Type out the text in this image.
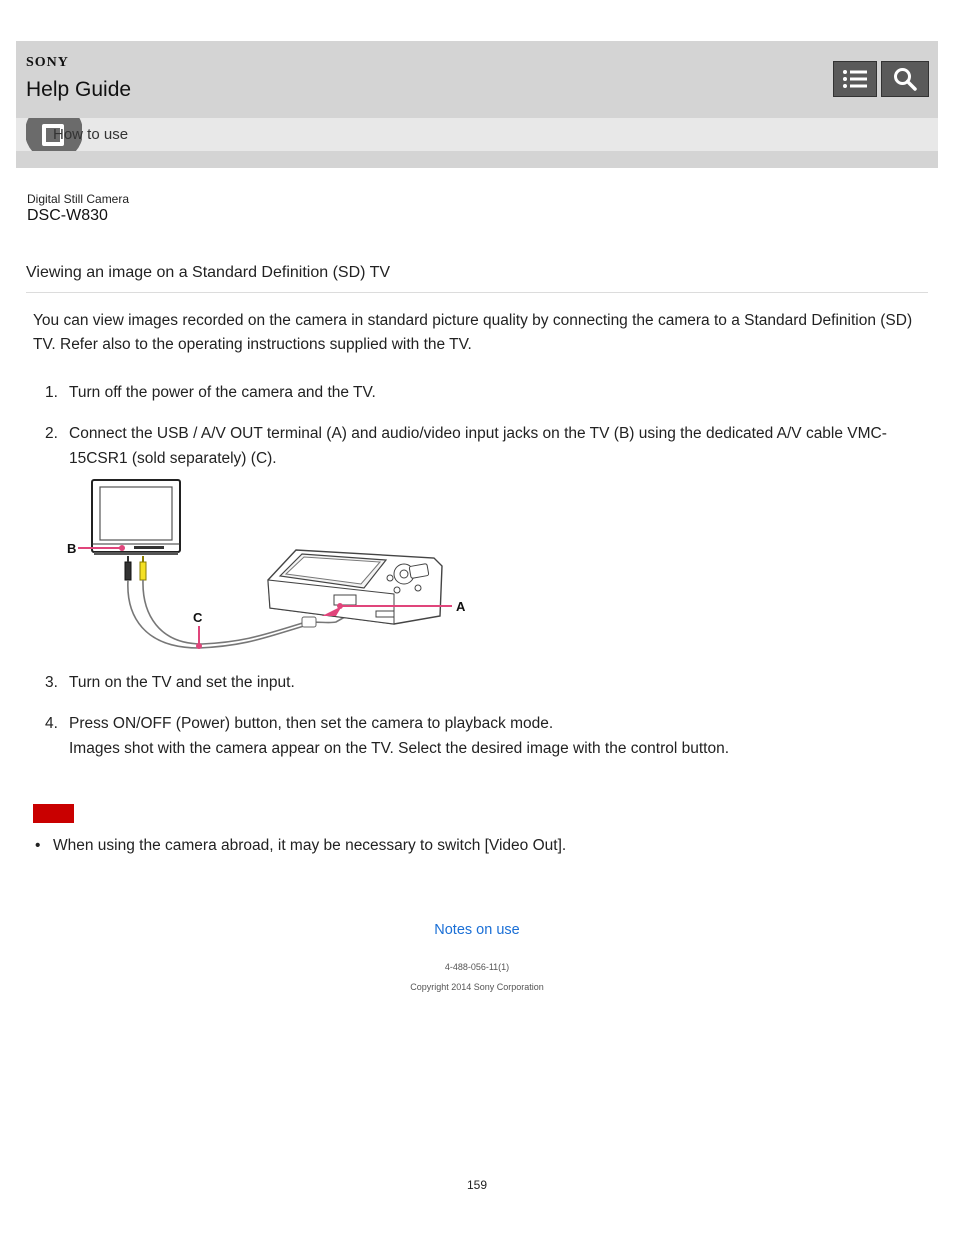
SONY
Help Guide
How to use
Digital Still Camera
DSC-W830
Viewing an image on a Standard Definition (SD) TV
You can view images recorded on the camera in standard picture quality by connecting the camera to a Standard Definition (SD) TV. Refer also to the operating instructions supplied with the TV.
1. Turn off the power of the camera and the TV.
2. Connect the USB / A/V OUT terminal (A) and audio/video input jacks on the TV (B) using the dedicated A/V cable VMC-15CSR1 (sold separately) (C).
B
C
A
3. Turn on the TV and set the input.
4. Press ON/OFF (Power) button, then set the camera to playback mode.
Images shot with the camera appear on the TV. Select the desired image with the control button.
• When using the camera abroad, it may be necessary to switch [Video Out].
Notes on use
4-488-056-11(1)
Copyright 2014 Sony Corporation
159
